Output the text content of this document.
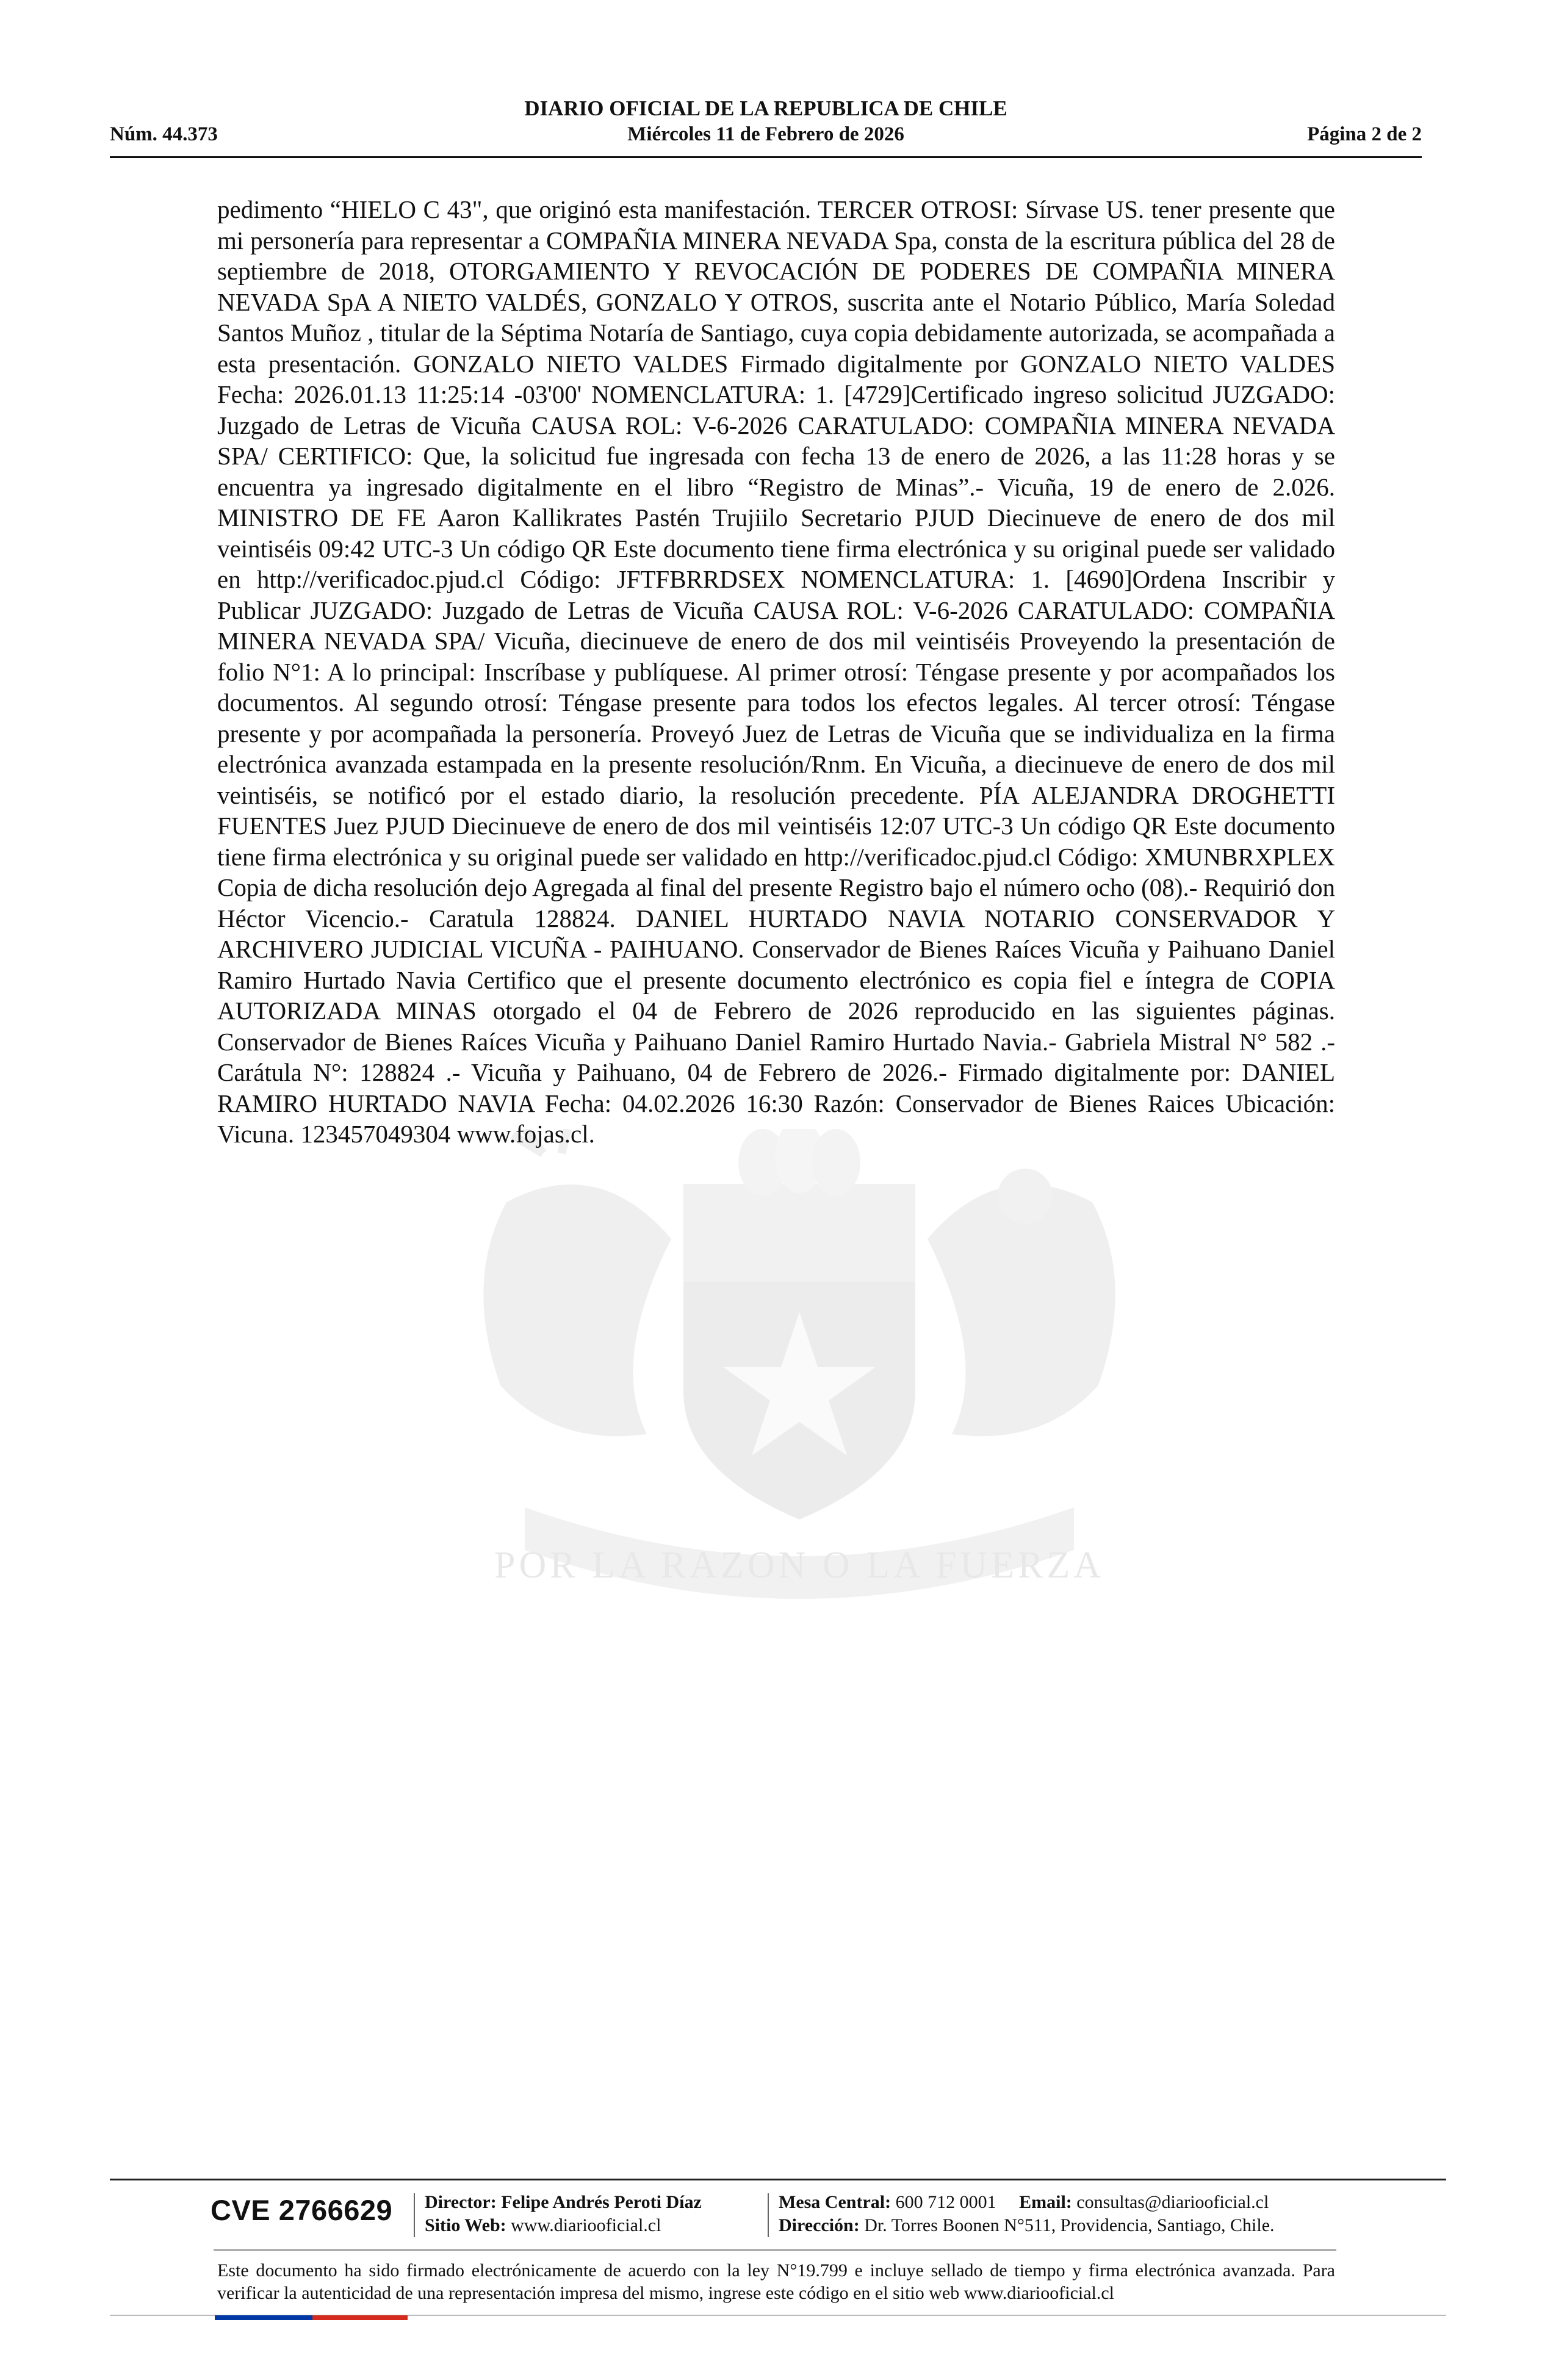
POR LA RAZON O LA FUERZA
DIARIO OFICIAL DE LA REPUBLICA DE CHILE
Núm. 44.373	Miércoles 11 de Febrero de 2026	Página 2 de 2

pedimento “HIELO C 43", que originó esta manifestación. TERCER OTROSI: Sírvase US. tener presente que mi personería para representar a COMPAÑIA MINERA NEVADA Spa, consta de la escritura pública del 28 de septiembre de 2018, OTORGAMIENTO Y REVOCACIÓN DE PODERES DE COMPAÑIA MINERA NEVADA SpA A NIETO VALDÉS, GONZALO Y OTROS, suscrita ante el Notario Público, María Soledad Santos Muñoz , titular de la Séptima Notaría de Santiago, cuya copia debidamente autorizada, se acompañada a esta presentación. GONZALO NIETO VALDES Firmado digitalmente por GONZALO NIETO VALDES Fecha: 2026.01.13 11:25:14 -03'00' NOMENCLATURA: 1. [4729]Certificado ingreso solicitud JUZGADO: Juzgado de Letras de Vicuña CAUSA ROL: V-6-2026 CARATULADO: COMPAÑIA MINERA NEVADA SPA/ CERTIFICO: Que, la solicitud fue ingresada con fecha 13 de enero de 2026, a las 11:28 horas y se encuentra ya ingresado digitalmente en el libro “Registro de Minas”.- Vicuña, 19 de enero de 2.026. MINISTRO DE FE Aaron Kallikrates Pastén Trujiilo Secretario PJUD Diecinueve de enero de dos mil veintiséis 09:42 UTC-3 Un código QR Este documento tiene firma electrónica y su original puede ser validado en http://verificadoc.pjud.cl Código: JFTFBRRDSEX NOMENCLATURA: 1. [4690]Ordena Inscribir y Publicar JUZGADO: Juzgado de Letras de Vicuña CAUSA ROL: V-6-2026 CARATULADO: COMPAÑIA MINERA NEVADA SPA/ Vicuña, diecinueve de enero de dos mil veintiséis Proveyendo la presentación de folio N°1: A lo principal: Inscríbase y publíquese. Al primer otrosí: Téngase presente y por acompañados los documentos. Al segundo otrosí: Téngase presente para todos los efectos legales. Al tercer otrosí: Téngase presente y por acompañada la personería. Proveyó Juez de Letras de Vicuña que se individualiza en la firma electrónica avanzada estampada en la presente resolución/Rnm. En Vicuña, a diecinueve de enero de dos mil veintiséis, se notificó por el estado diario, la resolución precedente. PÍA ALEJANDRA DROGHETTI FUENTES Juez PJUD Diecinueve de enero de dos mil veintiséis 12:07 UTC-3 Un código QR Este documento tiene firma electrónica y su original puede ser validado en http://verificadoc.pjud.cl Código: XMUNBRXPLEX Copia de dicha resolución dejo Agregada al final del presente Registro bajo el número ocho (08).- Requirió don Héctor Vicencio.- Caratula 128824. DANIEL HURTADO NAVIA NOTARIO CONSERVADOR Y ARCHIVERO JUDICIAL VICUÑA - PAIHUANO. Conservador de Bienes Raíces Vicuña y Paihuano Daniel Ramiro Hurtado Navia Certifico que el presente documento electrónico es copia fiel e íntegra de COPIA AUTORIZADA MINAS otorgado el 04 de Febrero de 2026 reproducido en las siguientes páginas. Conservador de Bienes Raíces Vicuña y Paihuano Daniel Ramiro Hurtado Navia.- Gabriela Mistral N° 582 .- Carátula N°: 128824 .- Vicuña y Paihuano, 04 de Febrero de 2026.- Firmado digitalmente por: DANIEL RAMIRO HURTADO NAVIA Fecha: 04.02.2026 16:30 Razón: Conservador de Bienes Raices Ubicación: Vicuna. 123457049304 www.fojas.cl.

CVE 2766629 Director: Felipe Andrés Peroti Díaz
Sitio Web: www.diariooficial.cl
Mesa Central: 600 712 0001 Email: consultas@diariooficial.cl
Dirección: Dr. Torres Boonen N°511, Providencia, Santiago, Chile.

Este documento ha sido firmado electrónicamente de acuerdo con la ley N°19.799 e incluye sellado de tiempo y firma electrónica avanzada. Para verificar la autenticidad de una representación impresa del mismo, ingrese este código en el sitio web www.diariooficial.cl
